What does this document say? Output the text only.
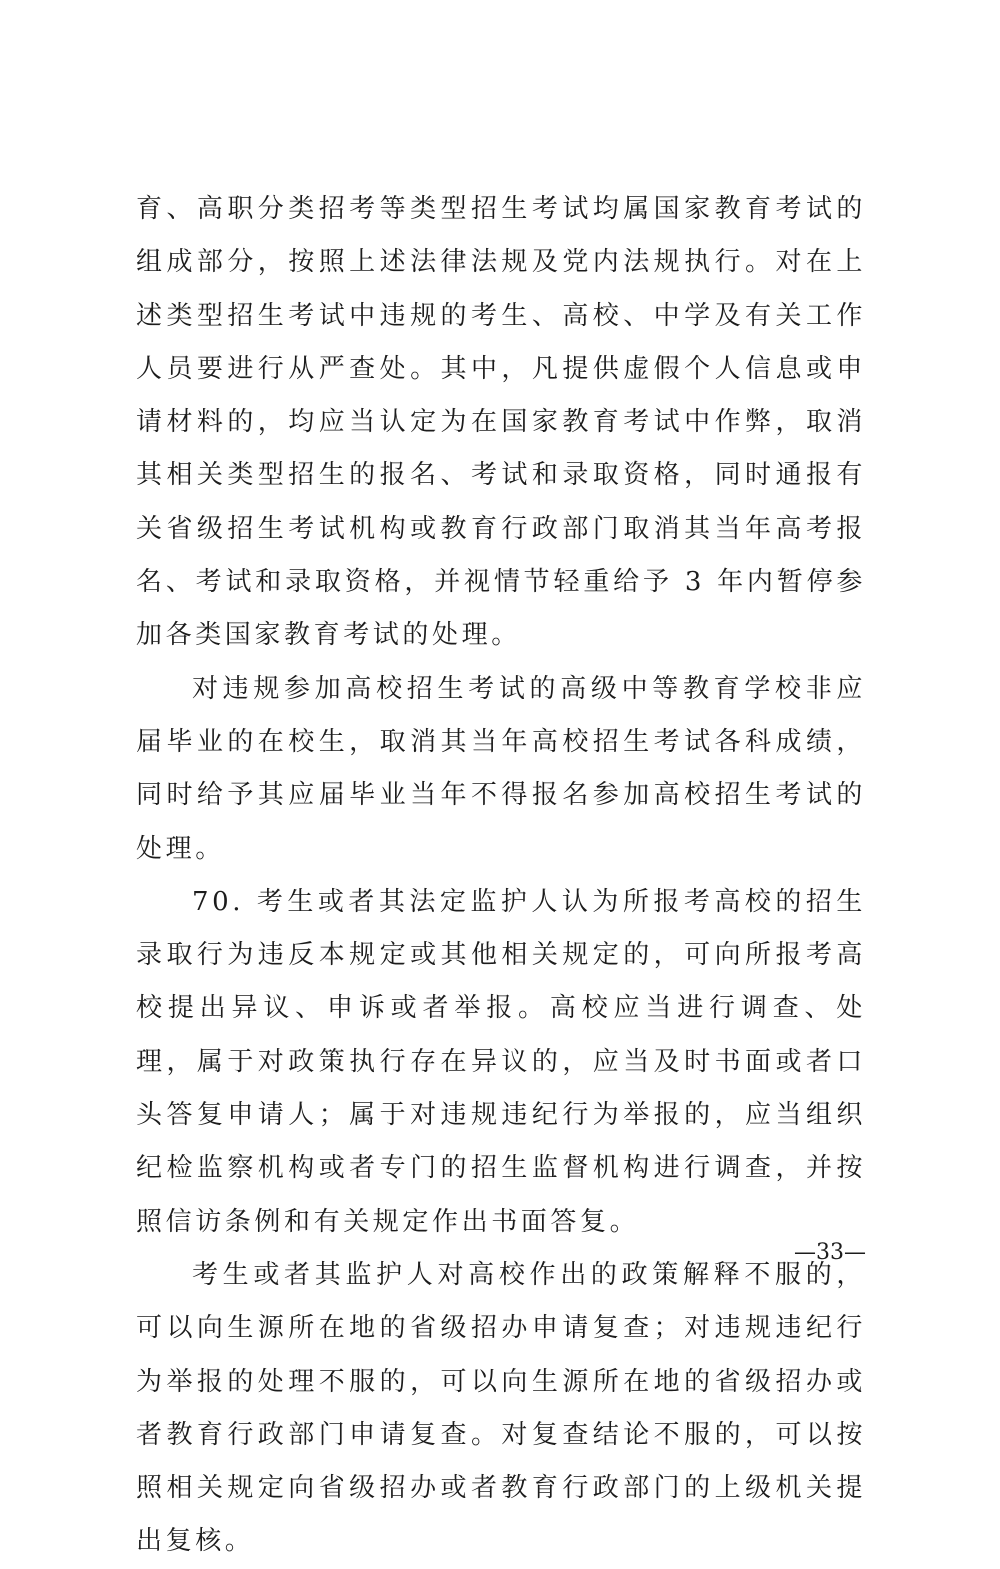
育、高职分类招考等类型招生考试均属国家教育考试的组成部分，按照上述法律法规及党内法规执行。对在上述类型招生考试中违规的考生、高校、中学及有关工作人员要进行从严查处。其中，凡提供虚假个人信息或申请材料的，均应当认定为在国家教育考试中作弊，取消其相关类型招生的报名、考试和录取资格，同时通报有关省级招生考试机构或教育行政部门取消其当年高考报名、考试和录取资格，并视情节轻重给予 3 年内暂停参加各类国家教育考试的处理。

对违规参加高校招生考试的高级中等教育学校非应届毕业的在校生，取消其当年高校招生考试各科成绩，同时给予其应届毕业当年不得报名参加高校招生考试的处理。

70. 考生或者其法定监护人认为所报考高校的招生录取行为违反本规定或其他相关规定的，可向所报考高校提出异议、申诉或者举报。高校应当进行调查、处理，属于对政策执行存在异议的，应当及时书面或者口头答复申请人；属于对违规违纪行为举报的，应当组织纪检监察机构或者专门的招生监督机构进行调查，并按照信访条例和有关规定作出书面答复。

考生或者其监护人对高校作出的政策解释不服的，可以向生源所在地的省级招办申请复查；对违规违纪行为举报的处理不服的，可以向生源所在地的省级招办或者教育行政部门申请复查。对复查结论不服的，可以按照相关规定向省级招办或者教育行政部门的上级机关提出复核。

—33—
